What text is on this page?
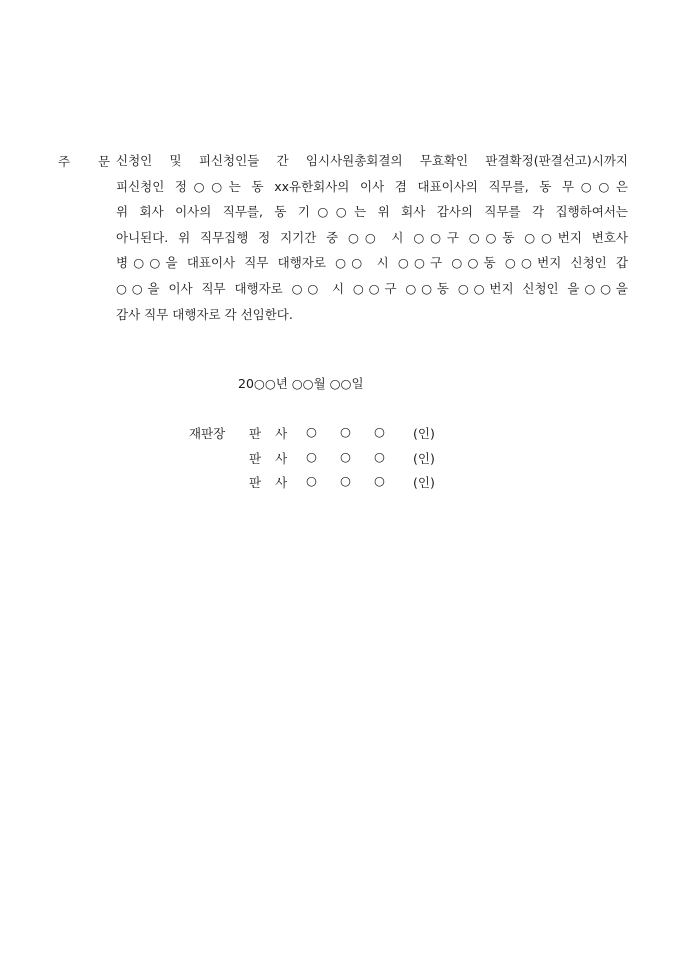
주 문
신청인 및 피신청인들 간 임시사원총회결의 무효확인 판결확정(판결선고)시까지
피신청인 정○○는 동 xx유한회사의 이사 겸 대표이사의 직무를, 동 무○○은
위 회사 이사의 직무를, 동 기○○는 위 회사 감사의 직무를 각 집행하여서는
아니된다. 위 직무집행 정 지기간 중 ○○ 시 ○○구 ○○동 ○○번지 변호사
병○○을 대표이사 직무 대행자로 ○○ 시 ○○구 ○○동 ○○번지 신청인 갑
○○을 이사 직무 대행자로 ○○ 시 ○○구 ○○동 ○○번지 신청인 을○○을
감사 직무 대행자로 각 선임한다.
20○○년 ○○월 ○○일
재판장 판사 ○ ○ ○ (인)
판사 ○ ○ ○ (인)
판사 ○ ○ ○ (인)
